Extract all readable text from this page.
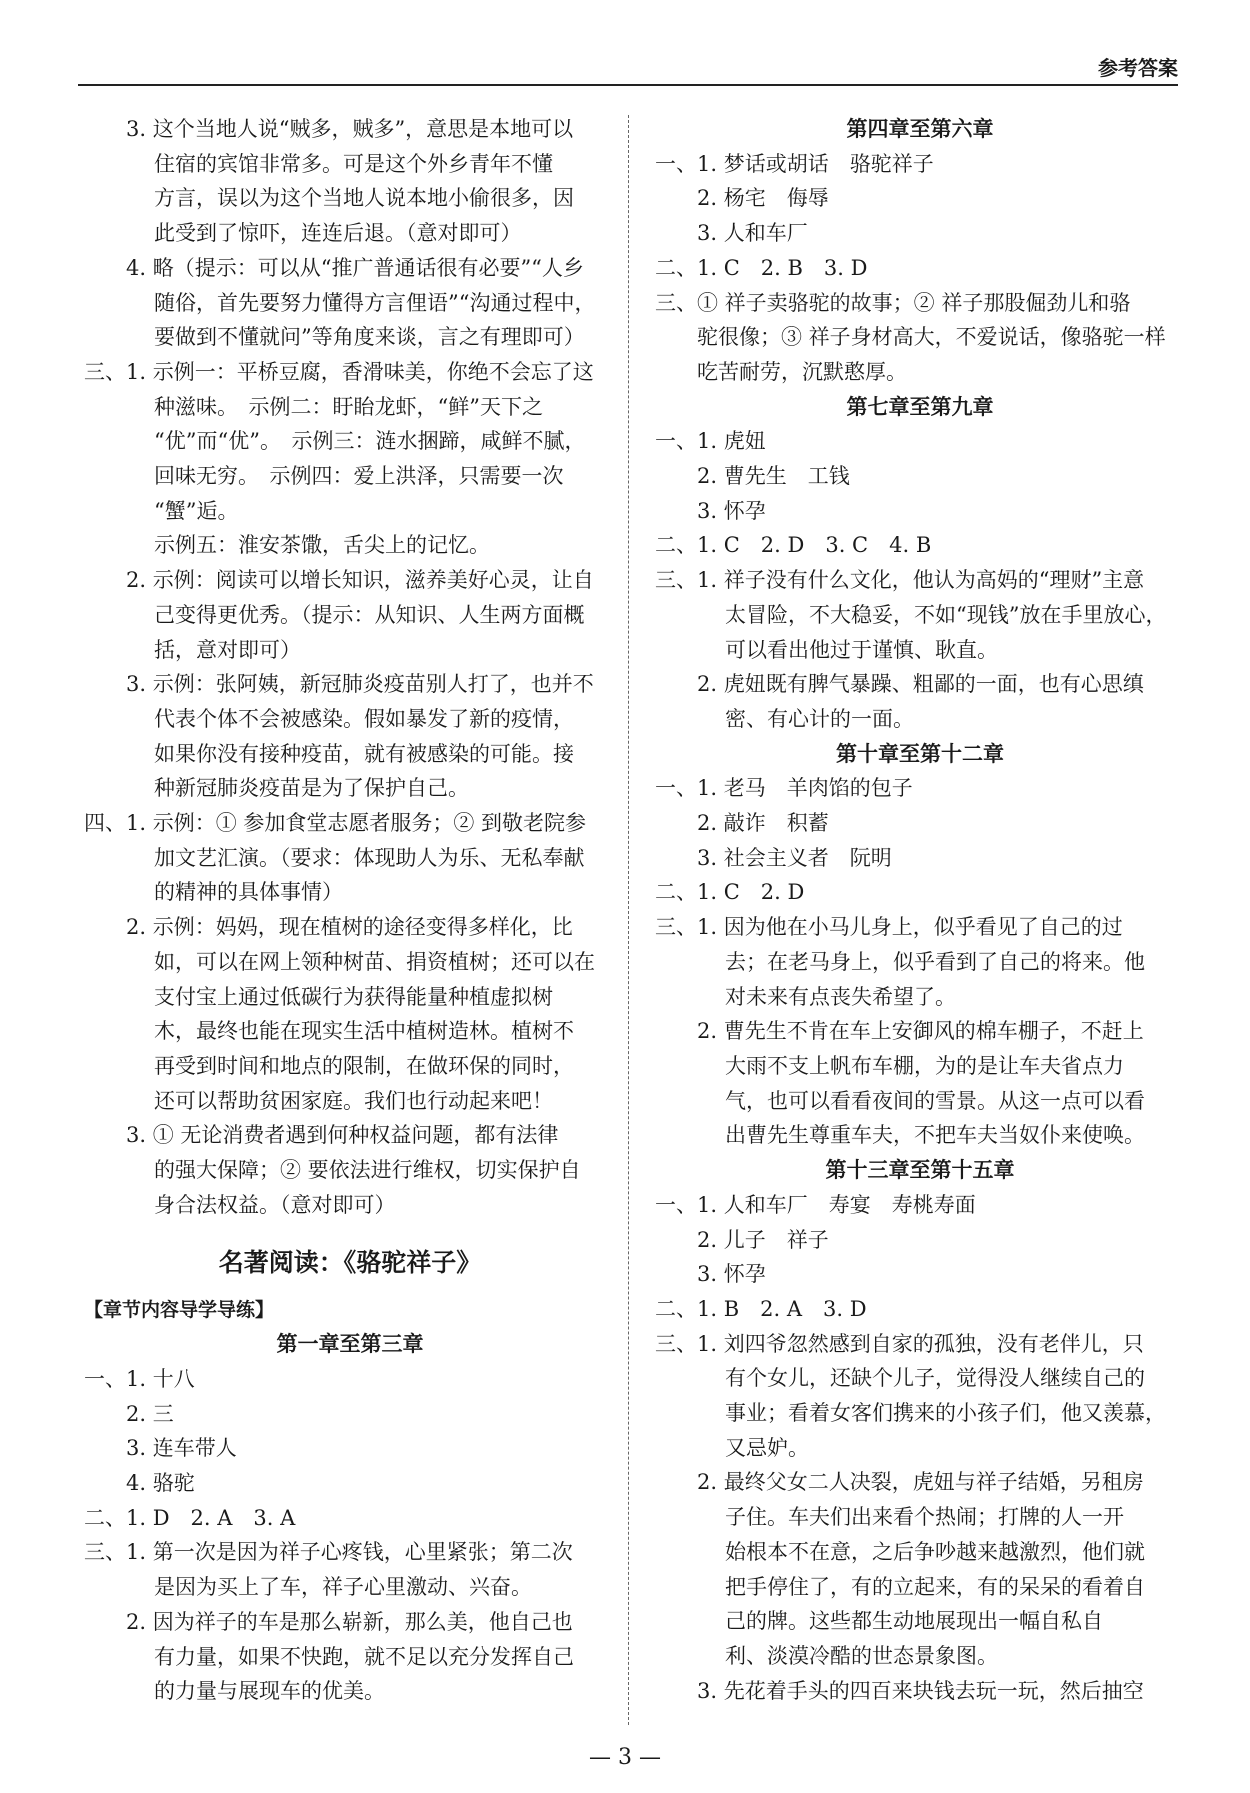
参考答案
3. 这个当地人说“贼多，贼多”，意思是本地可以
住宿的宾馆非常多。可是这个外乡青年不懂
方言，误以为这个当地人说本地小偷很多，因
此受到了惊吓，连连后退。（意对即可）
4. 略（提示：可以从“推广普通话很有必要”“人乡
随俗，首先要努力懂得方言俚语”“沟通过程中，
要做到不懂就问”等角度来谈，言之有理即可）
三、1. 示例一：平桥豆腐，香滑味美，你绝不会忘了这
种滋味。　示例二：盱眙龙虾，“鲜”天下之
“优”而“优”。　示例三：涟水捆蹄，咸鲜不腻，
回味无穷。　示例四：爱上洪泽，只需要一次
“蟹”逅。
示例五：淮安茶馓，舌尖上的记忆。
2. 示例：阅读可以增长知识，滋养美好心灵，让自
己变得更优秀。（提示：从知识、人生两方面概
括，意对即可）
3. 示例：张阿姨，新冠肺炎疫苗别人打了，也并不
代表个体不会被感染。假如暴发了新的疫情，
如果你没有接种疫苗，就有被感染的可能。接
种新冠肺炎疫苗是为了保护自己。
四、1. 示例：① 参加食堂志愿者服务；② 到敬老院参
加文艺汇演。（要求：体现助人为乐、无私奉献
的精神的具体事情）
2. 示例：妈妈，现在植树的途径变得多样化，比
如，可以在网上领种树苗、捐资植树；还可以在
支付宝上通过低碳行为获得能量种植虚拟树
木，最终也能在现实生活中植树造林。植树不
再受到时间和地点的限制，在做环保的同时，
还可以帮助贫困家庭。我们也行动起来吧！
3. ① 无论消费者遇到何种权益问题，都有法律
的强大保障；② 要依法进行维权，切实保护自
身合法权益。（意对即可）
名著阅读：《骆驼祥子》
【章节内容导学导练】
第一章至第三章
一、1. 十八
2. 三
3. 连车带人
4. 骆驼
二、1. D　2. A　3. A
三、1. 第一次是因为祥子心疼钱，心里紧张；第二次
是因为买上了车，祥子心里激动、兴奋。
2. 因为祥子的车是那么崭新，那么美，他自己也
有力量，如果不快跑，就不足以充分发挥自己
的力量与展现车的优美。
第四章至第六章
一、1. 梦话或胡话　骆驼祥子
2. 杨宅　侮辱
3. 人和车厂
二、1. C　2. B　3. D
三、① 祥子卖骆驼的故事；② 祥子那股倔劲儿和骆
驼很像；③ 祥子身材高大，不爱说话，像骆驼一样
吃苦耐劳，沉默憨厚。
第七章至第九章
一、1. 虎妞
2. 曹先生　工钱
3. 怀孕
二、1. C　2. D　3. C　4. B
三、1. 祥子没有什么文化，他认为高妈的“理财”主意
太冒险，不大稳妥，不如“现钱”放在手里放心，
可以看出他过于谨慎、耿直。
2. 虎妞既有脾气暴躁、粗鄙的一面，也有心思缜
密、有心计的一面。
第十章至第十二章
一、1. 老马　羊肉馅的包子
2. 敲诈　积蓄
3. 社会主义者　阮明
二、1. C　2. D
三、1. 因为他在小马儿身上，似乎看见了自己的过
去；在老马身上，似乎看到了自己的将来。他
对未来有点丧失希望了。
2. 曹先生不肯在车上安御风的棉车棚子，不赶上
大雨不支上帆布车棚，为的是让车夫省点力
气，也可以看看夜间的雪景。从这一点可以看
出曹先生尊重车夫，不把车夫当奴仆来使唤。
第十三章至第十五章
一、1. 人和车厂　寿宴　寿桃寿面
2. 儿子　祥子
3. 怀孕
二、1. B　2. A　3. D
三、1. 刘四爷忽然感到自家的孤独，没有老伴儿，只
有个女儿，还缺个儿子，觉得没人继续自己的
事业；看着女客们携来的小孩子们，他又羡慕，
又忌妒。
2. 最终父女二人决裂，虎妞与祥子结婚，另租房
子住。车夫们出来看个热闹；打牌的人一开
始根本不在意，之后争吵越来越激烈，他们就
把手停住了，有的立起来，有的呆呆的看着自
己的牌。这些都生动地展现出一幅自私自
利、淡漠冷酷的世态景象图。
3. 先花着手头的四百来块钱去玩一玩，然后抽空
— 3 —
